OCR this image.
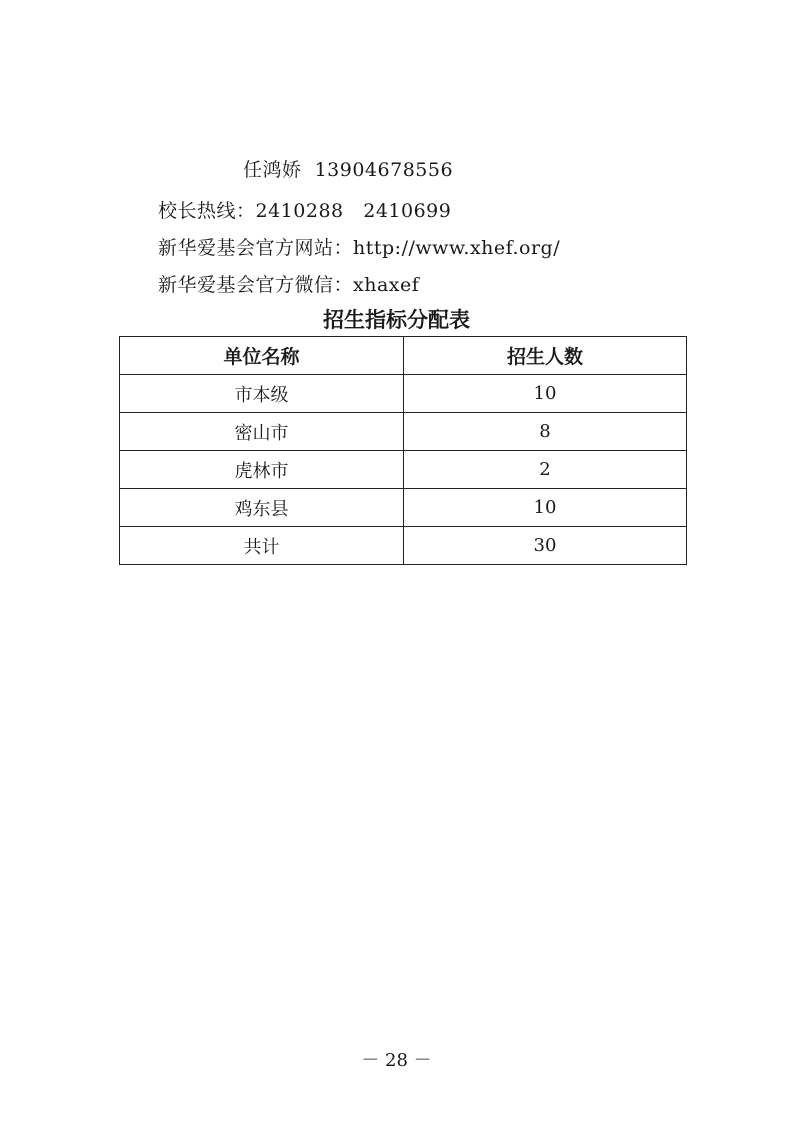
任鸿娇  13904678556
校长热线：2410288   2410699
新华爱基会官方网站：http://www.xhef.org/
新华爱基会官方微信：xhaxef
招生指标分配表
单位名称	招生人数
市本级	10
密山市	8
虎林市	2
鸡东县	10
共计	30
－ 28 －
